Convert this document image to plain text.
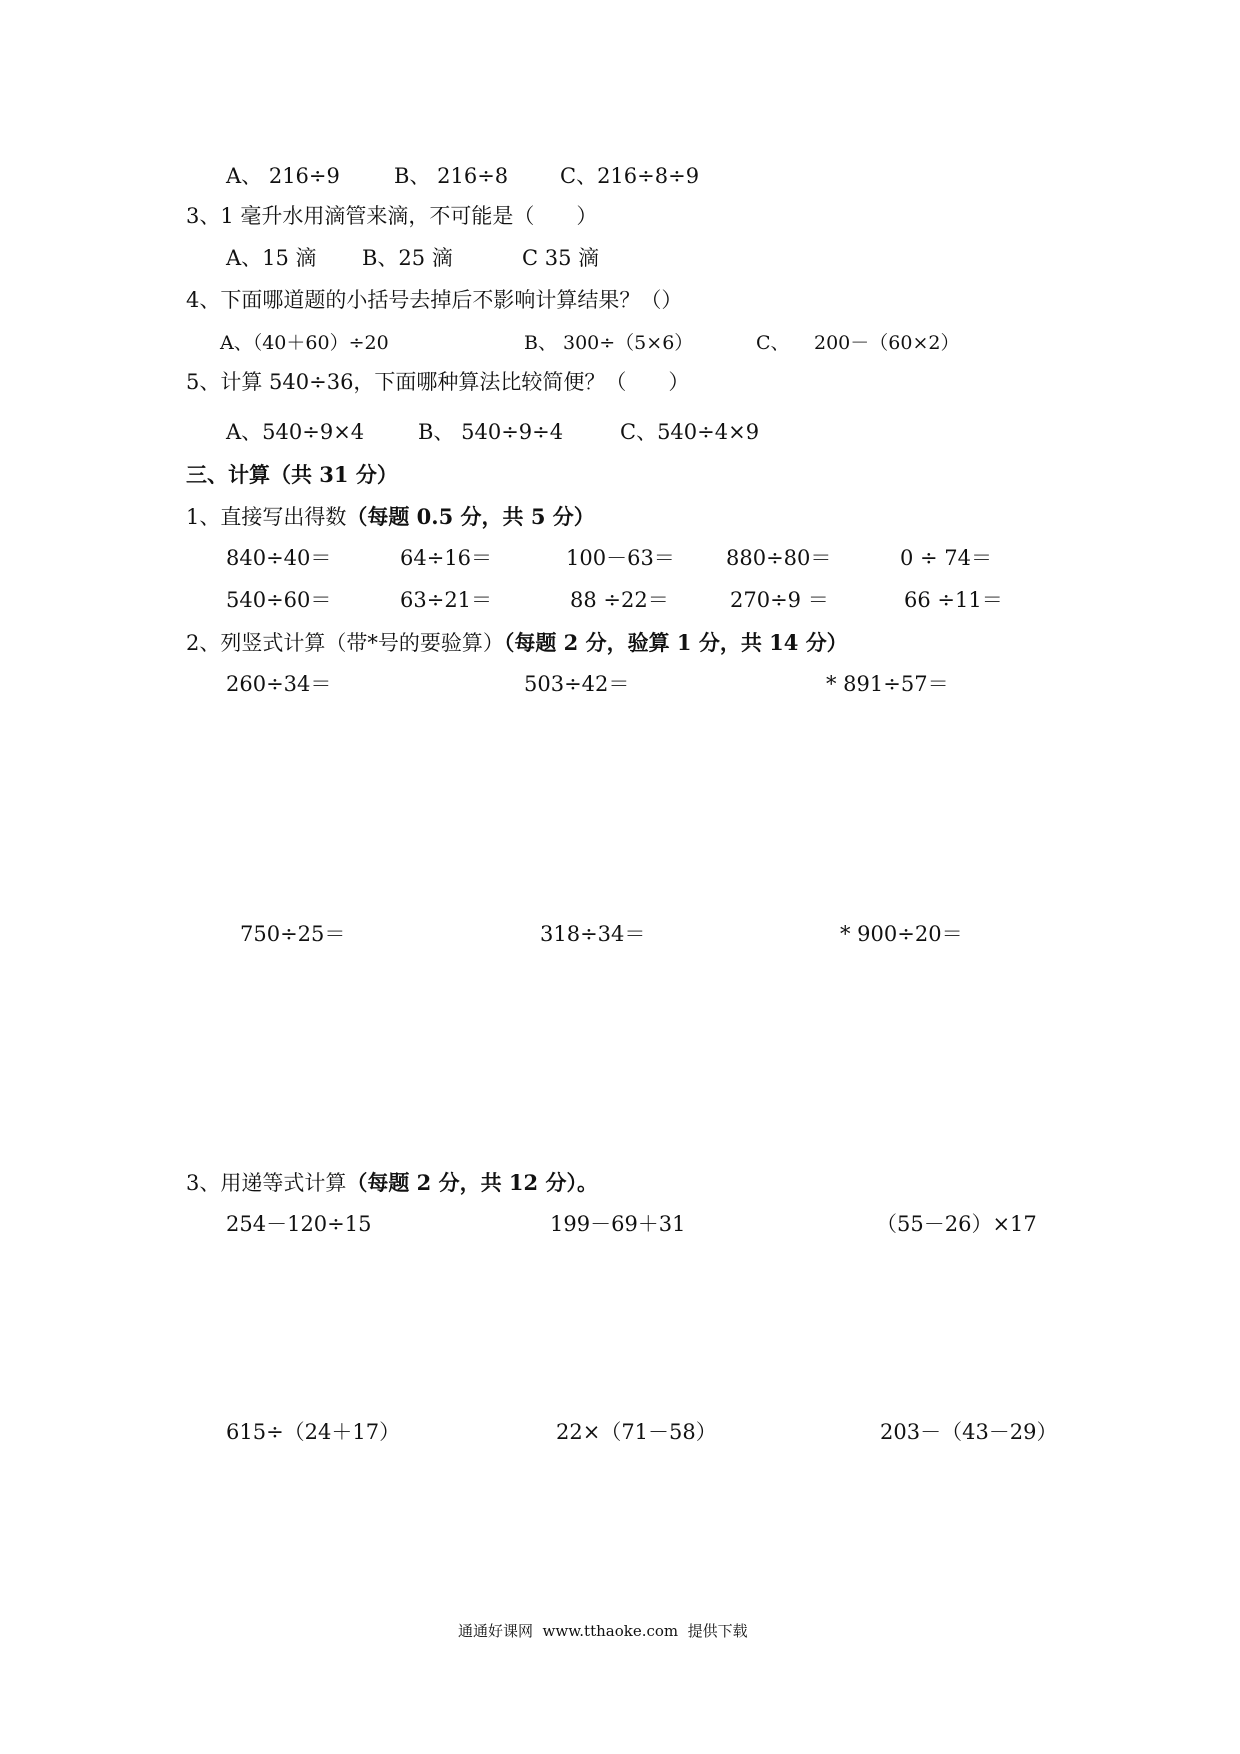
A、 216÷9	B、 216÷8 C、216÷8÷9
3、1 毫升水用滴管来滴，不可能是（　　）
A、15 滴 B、25 滴	C 35 滴
4、下面哪道题的小括号去掉后不影响计算结果？（）
A、（40＋60）÷20	B、 300÷（5×6）	C、 200－（60×2）
5、计算 540÷36，下面哪种算法比较简便？（　　）
A、540÷9×4	B、 540÷9÷4	C、540÷4×9
三、计算（共 31 分）
1、直接写出得数（每题 0.5 分，共 5 分）
840÷40＝	64÷16＝	100－63＝ 880÷80＝	0 ÷ 74＝
540÷60＝	63÷21＝	88 ÷22＝	270÷9 ＝	66 ÷11＝
2、列竖式计算（带*号的要验算）（每题 2 分，验算 1 分，共 14 分）
260÷34＝	503÷42＝	* 891÷57＝
750÷25＝	318÷34＝	* 900÷20＝
3、用递等式计算（每题 2 分，共 12 分）。
254－120÷15	199－69＋31	（55－26）×17
615÷（24＋17）	22×（71－58）	203－（43－29）
通通好课网  www.tthaoke.com  提供下载
